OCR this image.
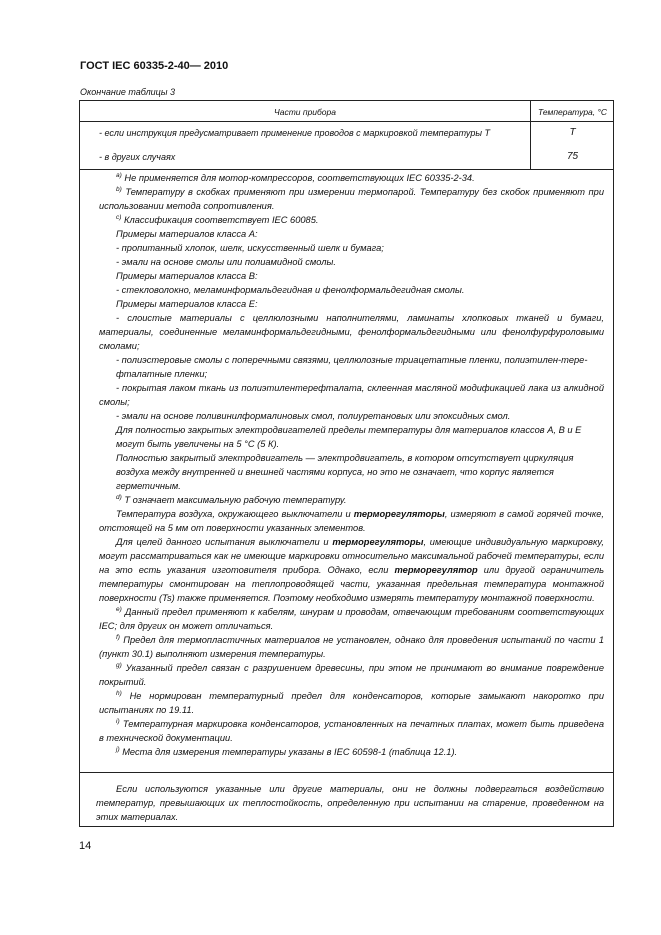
ГОСТ IEC 60335-2-40— 2010
Окончание таблицы 3
Части прибора	Температура, °С
- если инструкция предусматривает применение проводов с маркировкой температуры Т	T
- в других случаях	75

$^{a)}$ Не применяется для мотор-компрессоров, соответствующих IEC 60335-2-34.

$^{b)}$ Температуру в скобках применяют при измерении термопарой. Температуру без скобок применяют при использовании метода сопротивления.

$^{c)}$ Классификация соответствует IEC 60085.

Примеры материалов класса А:

- пропитанный хлопок, шелк, искусственный шелк и бумага;

- эмали на основе смолы или полиамидной смолы.

Примеры материалов класса В:

- стекловолокно, меламинформальдегидная и фенолформальдегидная смолы.

Примеры материалов класса Е:

- слоистые материалы с целлюлозными наполнителями, ламинаты хлопковых тканей и бумаги, материалы, соединенные меламинформальдегидными, фенолформальдегидными или фенолфурфуроловыми смолами;

- полиэстеровые смолы с поперечными связями, целлюлозные триацетатные пленки, полиэтилен-тере-фталатные пленки;

- покрытая лаком ткань из полиэтилентерефталата, склеенная масляной модификацией лака из алкидной смолы;

- эмали на основе поливинилформалиновых смол, полиуретановых или эпоксидных смол.

Для полностью закрытых электродвигателей пределы температуры для материалов классов А, В и Е могут быть увеличены на 5 °С (5 К).

Полностью закрытый электродвигатель — электродвигатель, в котором отсутствует циркуляция воздуха между внутренней и внешней частями корпуса, но это не означает, что корпус является герметичным.

$^{d)}$ Т означает максимальную рабочую температуру.

Температура воздуха, окружающего выключатели и терморегуляторы, измеряют в самой горячей точке, отстоящей на 5 мм от поверхности указанных элементов.

Для целей данного испытания выключатели и терморегуляторы, имеющие индивидуальную маркировку, могут рассматриваться как не имеющие маркировки относительно максимальной рабочей температуры, если на это есть указания изготовителя прибора. Однако, если терморегулятор или другой ограничитель температуры смонтирован на теплопроводящей части, указанная предельная температура монтажной поверхности (Ts) также применяется. Поэтому необходимо измерять температуру монтажной поверхности.

$^{e)}$ Данный предел применяют к кабелям, шнурам и проводам, отвечающим требованиям соответствующих IEC; для других он может отличаться.

$^{f)}$ Предел для термопластичных материалов не установлен, однако для проведения испытаний по части 1 (пункт 30.1) выполняют измерения температуры.

$^{g)}$ Указанный предел связан с разрушением древесины, при этом не принимают во внимание повреждение покрытий.

$^{h)}$ Не нормирован температурный предел для конденсаторов, которые замыкают накоротко при испытаниях по 19.11.

$^{i)}$ Температурная маркировка конденсаторов, установленных на печатных платах, может быть приведена в технической документации.

$^{j)}$ Места для измерения температуры указаны в IEC 60598-1 (таблица 12.1).

Если используются указанные или другие материалы, они не должны подвергаться воздействию температур, превышающих их теплостойкость, определенную при испытании на старение, проведенном на этих материалах.
14
